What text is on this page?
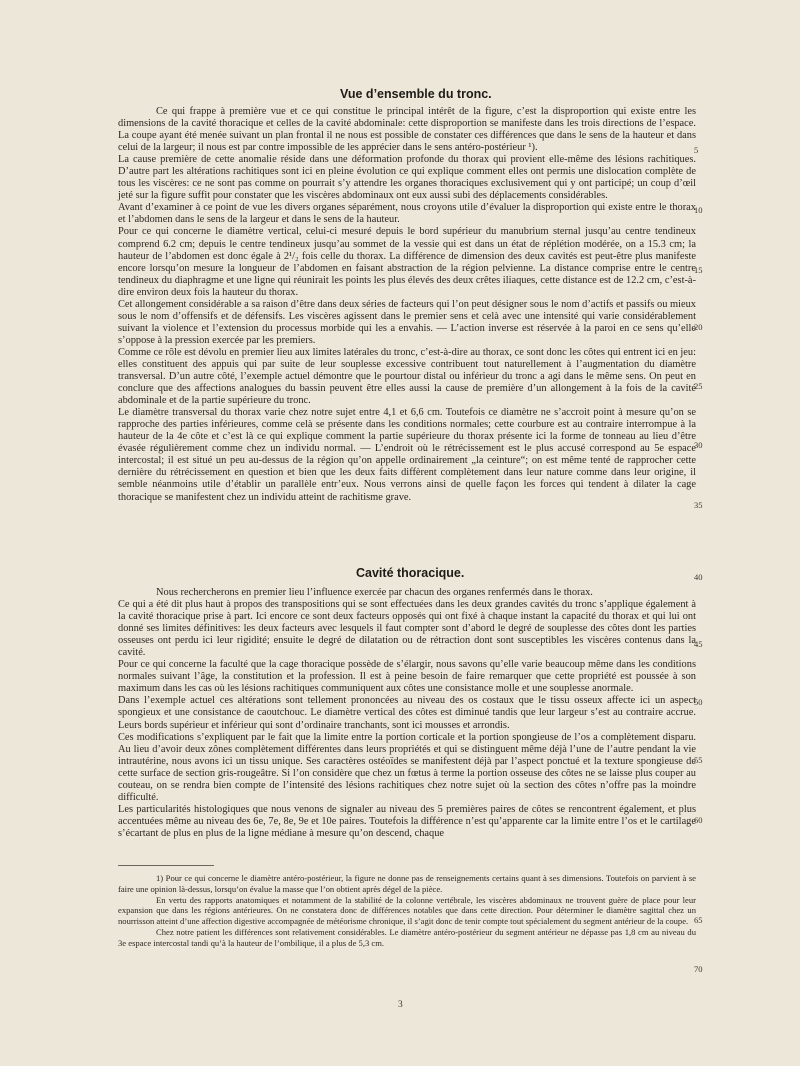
Vue d’ensemble du tronc.

Ce qui frappe à première vue et ce qui constitue le principal intérêt de la figure, c’est la disproportion qui existe entre les dimensions de la cavité thoracique et celles de la cavité abdominale: cette disproportion se manifeste dans les trois directions de l’espace. La coupe ayant été menée suivant un plan frontal il ne nous est possible de constater ces différences que dans le sens de la hauteur et dans celui de la largeur; il nous est par contre impossible de les apprécier dans le sens antéro-postérieur ¹).

La cause première de cette anomalie réside dans une déformation profonde du thorax qui provient elle-même des lésions rachitiques. D’autre part les altérations rachitiques sont ici en pleine évolution ce qui explique comment elles ont permis une dislocation complète de tous les viscères: ce ne sont pas comme on pourrait s’y attendre les organes thoraciques exclusivement qui y ont participé; un coup d’œil jeté sur la figure suffit pour constater que les viscères abdominaux ont eux aussi subi des déplacements considérables.

Avant d’examiner à ce point de vue les divers organes séparément, nous croyons utile d’évaluer la disproportion qui existe entre le thorax et l’abdomen dans le sens de la largeur et dans le sens de la hauteur.

Pour ce qui concerne le diamètre vertical, celui-ci mesuré depuis le bord supérieur du manubrium sternal jusqu’au centre tendineux comprend 6.2 cm; depuis le centre tendineux jusqu’au sommet de la vessie qui est dans un état de réplétion modérée, on a 15.3 cm; la hauteur de l’abdomen est donc égale à 2¹/₂ fois celle du thorax. La différence de dimension des deux cavités est peut-être plus manifeste encore lorsqu’on mesure la longueur de l’abdomen en faisant abstraction de la région pelvienne. La distance comprise entre le centre tendineux du diaphragme et une ligne qui réunirait les points les plus élevés des deux crêtes iliaques, cette distance est de 12.2 cm, c’est-à-dire environ deux fois la hauteur du thorax.

Cet allongement considérable a sa raison d’être dans deux séries de facteurs qui l’on peut désigner sous le nom d’actifs et passifs ou mieux sous le nom d’offensifs et de défensifs. Les viscères agissent dans le premier sens et celà avec une intensité qui varie considérablement suivant la violence et l’extension du processus morbide qui les a envahis. — L’action inverse est réservée à la paroi en ce sens qu’elle s’oppose à la pression exercée par les premiers.

Comme ce rôle est dévolu en premier lieu aux limites latérales du tronc, c’est-à-dire au thorax, ce sont donc les côtes qui entrent ici en jeu: elles constituent des appuis qui par suite de leur souplesse excessive contribuent tout naturellement à l’augmentation du diamètre transversal. D’un autre côté, l’exemple actuel démontre que le pourtour distal ou inférieur du tronc a agi dans le même sens. On peut en conclure que des affections analogues du bassin peuvent être elles aussi la cause de première d’un allongement à la fois de la cavité abdominale et de la partie supérieure du tronc.

Le diamètre transversal du thorax varie chez notre sujet entre 4,1 et 6,6 cm. Toutefois ce diamètre ne s’accroit point à mesure qu’on se rapproche des parties inférieures, comme celà se présente dans les conditions normales; cette courbure est au contraire interrompue à la hauteur de la 4e côte et c’est là ce qui explique comment la partie supérieure du thorax présente ici la forme de tonneau au lieu d’être évasée régulièrement comme chez un individu normal. — L’endroit où le rétrécissement est le plus accusé correspond au 5e espace intercostal; il est situé un peu au-dessus de la région qu’on appelle ordinairement „la ceinture“; on est même tenté de rapprocher cette dernière du rétrécissement en question et bien que les deux faits diffèrent complètement dans leur nature comme dans leur origine, il semble néanmoins utile d’établir un parallèle entr’eux. Nous verrons ainsi de quelle façon les forces qui tendent à dilater la cage thoracique se manifestent chez un individu atteint de rachitisme grave.

Cavité thoracique.

Nous rechercherons en premier lieu l’influence exercée par chacun des organes renfermés dans le thorax.

Ce qui a été dit plus haut à propos des transpositions qui se sont effectuées dans les deux grandes cavités du tronc s’applique également à la cavité thoracique prise à part. Ici encore ce sont deux facteurs opposés qui ont fixé à chaque instant la capacité du thorax et qui lui ont donné ses limites définitives: les deux facteurs avec lesquels il faut compter sont d’abord le degré de souplesse des côtes dont les parties osseuses ont perdu ici leur rigidité; ensuite le degré de dilatation ou de rétraction dont sont susceptibles les viscères contenus dans la cavité.

Pour ce qui concerne la faculté que la cage thoracique possède de s’élargir, nous savons qu’elle varie beaucoup même dans les conditions normales suivant l’âge, la constitution et la profession. Il est à peine besoin de faire remarquer que cette propriété est poussée à son maximum dans les cas où les lésions rachitiques communiquent aux côtes une consistance molle et une souplesse anormale.

Dans l’exemple actuel ces altérations sont tellement prononcées au niveau des os costaux que le tissu osseux affecte ici un aspect spongieux et une consistance de caoutchouc. Le diamètre vertical des côtes est diminué tandis que leur largeur s’est au contraire accrue. Leurs bords supérieur et inférieur qui sont d’ordinaire tranchants, sont ici mousses et arrondis.

Ces modifications s’expliquent par le fait que la limite entre la portion corticale et la portion spongieuse de l’os a complètement disparu. Au lieu d’avoir deux zônes complètement différentes dans leurs propriétés et qui se distinguent même déjà l’une de l’autre pendant la vie intrautérine, nous avons ici un tissu unique. Ses caractères ostéoïdes se manifestent déjà par l’aspect ponctué et la texture spongieuse de cette surface de section gris-rougeâtre. Si l’on considère que chez un fœtus à terme la portion osseuse des côtes ne se laisse plus couper au couteau, on se rendra bien compte de l’intensité des lésions rachitiques chez notre sujet où la section des côtes n’offre pas la moindre difficulté.

Les particularités histologiques que nous venons de signaler au niveau des 5 premières paires de côtes se rencontrent également, et plus accentuées même au niveau des 6e, 7e, 8e, 9e et 10e paires. Toutefois la différence n’est qu’apparente car la limite entre l’os et le cartilage s’écartant de plus en plus de la ligne médiane à mesure qu’on descend, chaque

1) Pour ce qui concerne le diamètre antéro-postérieur, la figure ne donne pas de renseignements certains quant à ses dimensions. Toutefois on parvient à se faire une opinion là-dessus, lorsqu’on évalue la masse que l’on obtient après dégel de la pièce.

En vertu des rapports anatomiques et notamment de la stabilité de la colonne vertébrale, les viscères abdominaux ne trouvent guère de place pour leur expansion que dans les régions antérieures. On ne constatera donc de différences notables que dans cette direction. Pour déterminer le diamètre sagittal chez un nourrisson atteint d’une affection digestive accompagnée de météorisme chronique, il s’agit donc de tenir compte tout spécialement du segment antérieur de la coupe.

Chez notre patient les différences sont relativement considérables. Le diamètre antéro-postérieur du segment antérieur ne dépasse pas 1,8 cm au niveau du 3e espace intercostal tandi qu’à la hauteur de l’ombilique, il a plus de 5,3 cm.

5
10
15
20
25
30
35
40
45
50
55
60
65
70
3
